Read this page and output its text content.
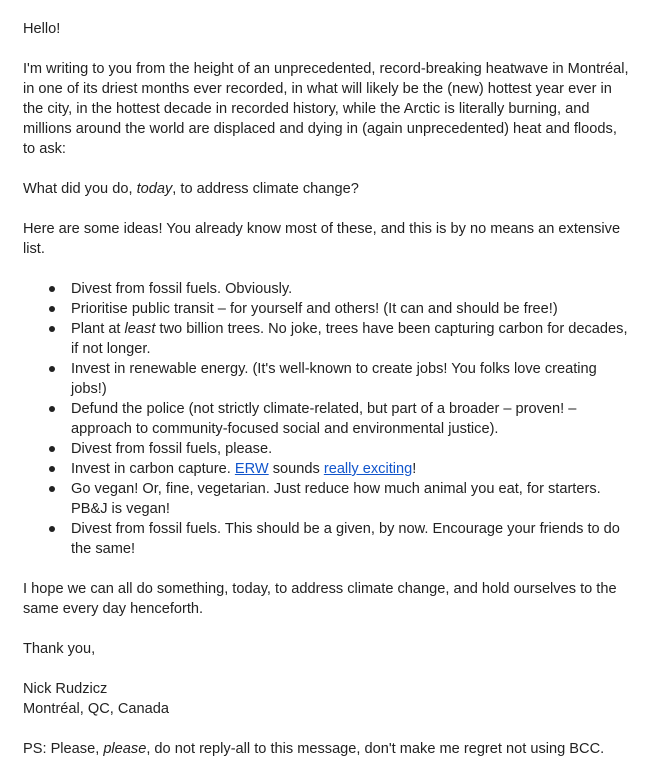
Hello!

I'm writing to you from the height of an unprecedented, record-breaking heatwave in Montréal, in one of its driest months ever recorded, in what will likely be the (new) hottest year ever in the city, in the hottest decade in recorded history, while the Arctic is literally burning, and millions around the world are displaced and dying in (again unprecedented) heat and floods, to ask:

What did you do, today, to address climate change?

Here are some ideas! You already know most of these, and this is by no means an extensive list.

Divest from fossil fuels. Obviously.
Prioritise public transit – for yourself and others! (It can and should be free!)
Plant at least two billion trees. No joke, trees have been capturing carbon for decades, if not longer.
Invest in renewable energy. (It's well-known to create jobs! You folks love creating jobs!)
Defund the police (not strictly climate-related, but part of a broader – proven! – approach to community-focused social and environmental justice).
Divest from fossil fuels, please.
Invest in carbon capture. ERW sounds really exciting!
Go vegan! Or, fine, vegetarian. Just reduce how much animal you eat, for starters. PB&J is vegan!
Divest from fossil fuels. This should be a given, by now. Encourage your friends to do the same!

I hope we can all do something, today, to address climate change, and hold ourselves to the same every day henceforth.

Thank you,

Nick Rudzicz
Montréal, QC, Canada

PS: Please, please, do not reply-all to this message, don't make me regret not using BCC.
